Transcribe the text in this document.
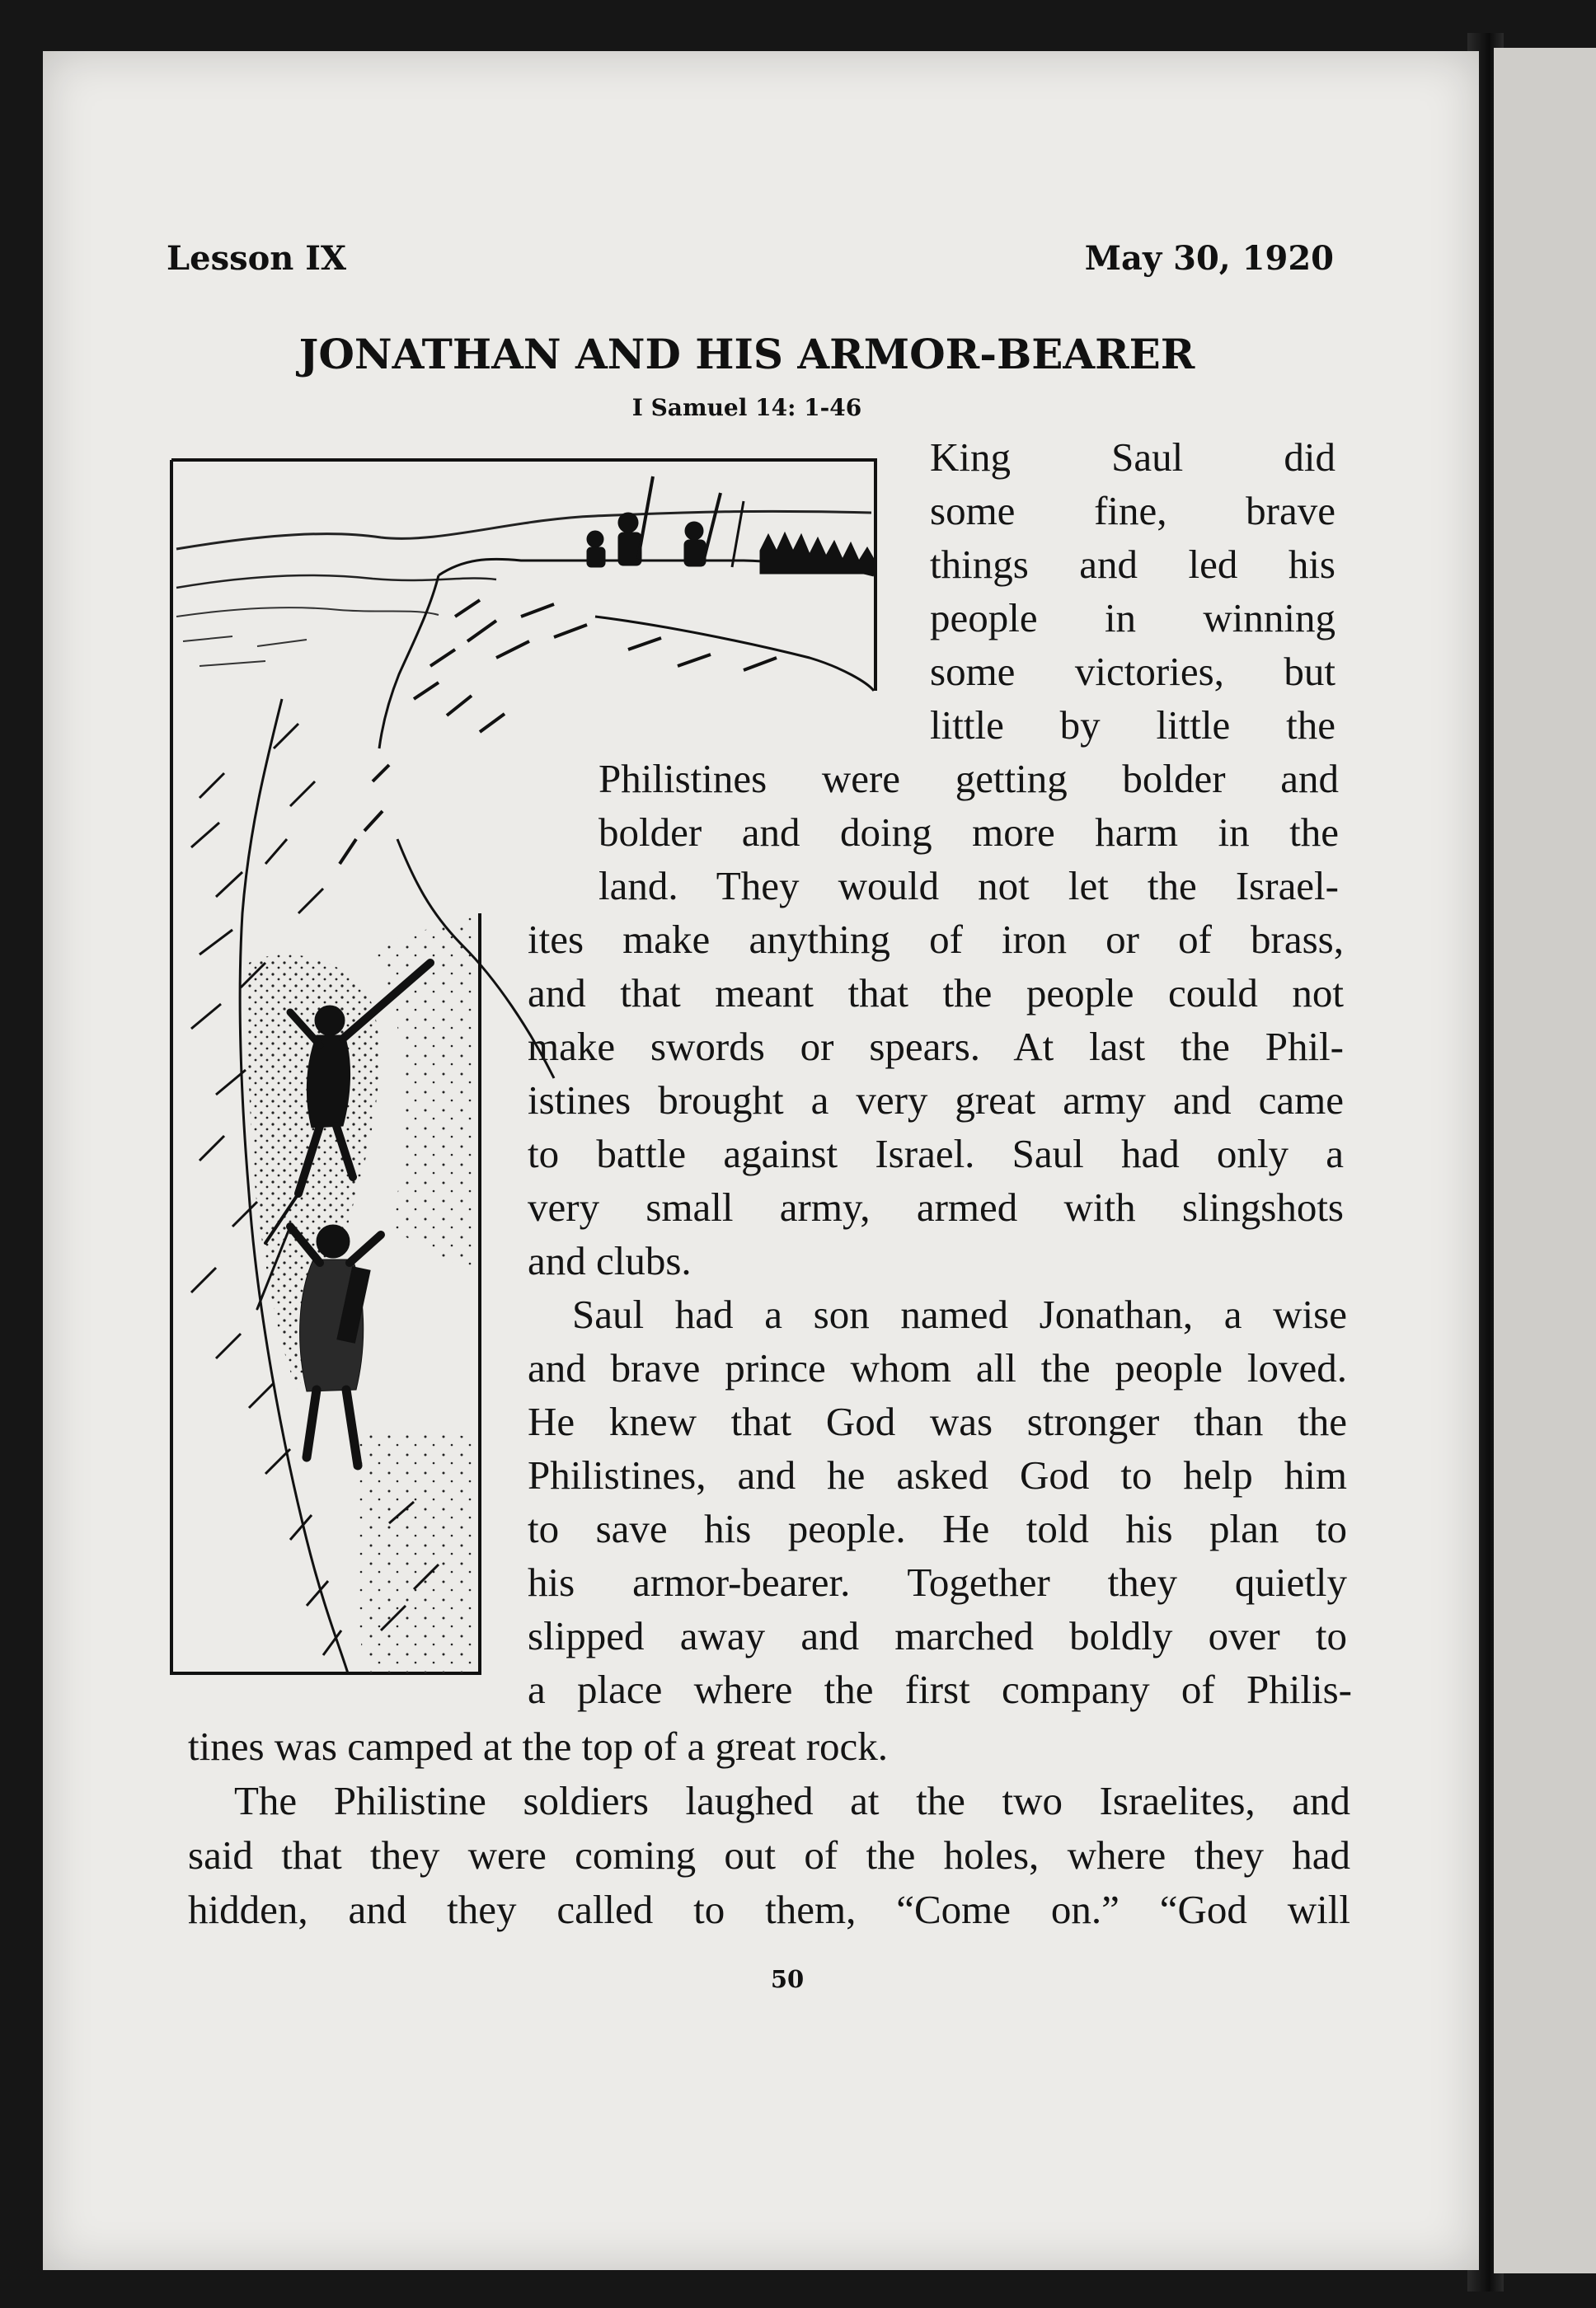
Lesson IX	May 30, 1920
JONATHAN AND HIS ARMOR-BEARER
I Samuel 14: 1-46
King Saul did
some fine, brave
things and led his
people in winning
some victories, but
little by little the
Philistines were getting bolder and
bolder and doing more harm in the
land. They would not let the Israel-
ites make anything of iron or of brass,
and that meant that the people could not
make swords or spears. At last the Phil-
istines brought a very great army and came
to battle against Israel. Saul had only a
very small army, armed with slingshots
and clubs.
Saul had a son named Jonathan, a wise
and brave prince whom all the people loved.
He knew that God was stronger than the
Philistines, and he asked God to help him
to save his people. He told his plan to
his armor-bearer. Together they quietly
slipped away and marched boldly over to
a place where the first company of Philis-
tines was camped at the top of a great rock.
The Philistine soldiers laughed at the two Israelites, and
said that they were coming out of the holes, where they had
hidden, and they called to them, “Come on.” “God will
50
